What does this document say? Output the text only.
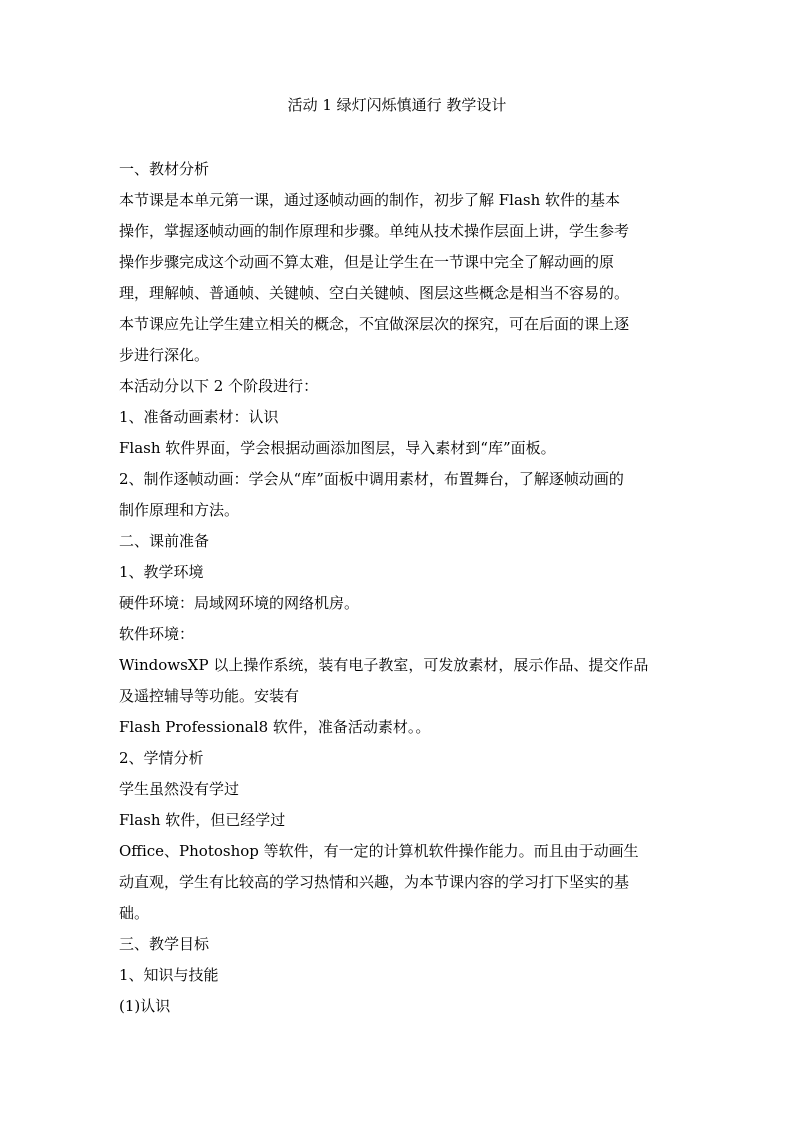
活动 1 绿灯闪烁慎通行 教学设计

一、教材分析

本节课是本单元第一课，通过逐帧动画的制作，初步了解 Flash 软件的基本

操作，掌握逐帧动画的制作原理和步骤。单纯从技术操作层面上讲，学生参考

操作步骤完成这个动画不算太难，但是让学生在一节课中完全了解动画的原

理，理解帧、普通帧、关键帧、空白关键帧、图层这些概念是相当不容易的。

本节课应先让学生建立相关的概念，不宜做深层次的探究，可在后面的课上逐

步进行深化。

本活动分以下 2 个阶段进行：

1、准备动画素材：认识

Flash 软件界面，学会根据动画添加图层，导入素材到“库”面板。

2、制作逐帧动画：学会从“库”面板中调用素材，布置舞台，了解逐帧动画的

制作原理和方法。

二、课前准备

1、教学环境

硬件环境：局域网环境的网络机房。

软件环境：

WindowsXP 以上操作系统，装有电子教室，可发放素材，展示作品、提交作品

及遥控辅导等功能。安装有

Flash Professional8 软件，准备活动素材。。

2、学情分析

学生虽然没有学过

Flash 软件，但已经学过

Office、Photoshop 等软件，有一定的计算机软件操作能力。而且由于动画生

动直观，学生有比较高的学习热情和兴趣，为本节课内容的学习打下坚实的基

础。

三、教学目标

1、知识与技能

(1)认识
